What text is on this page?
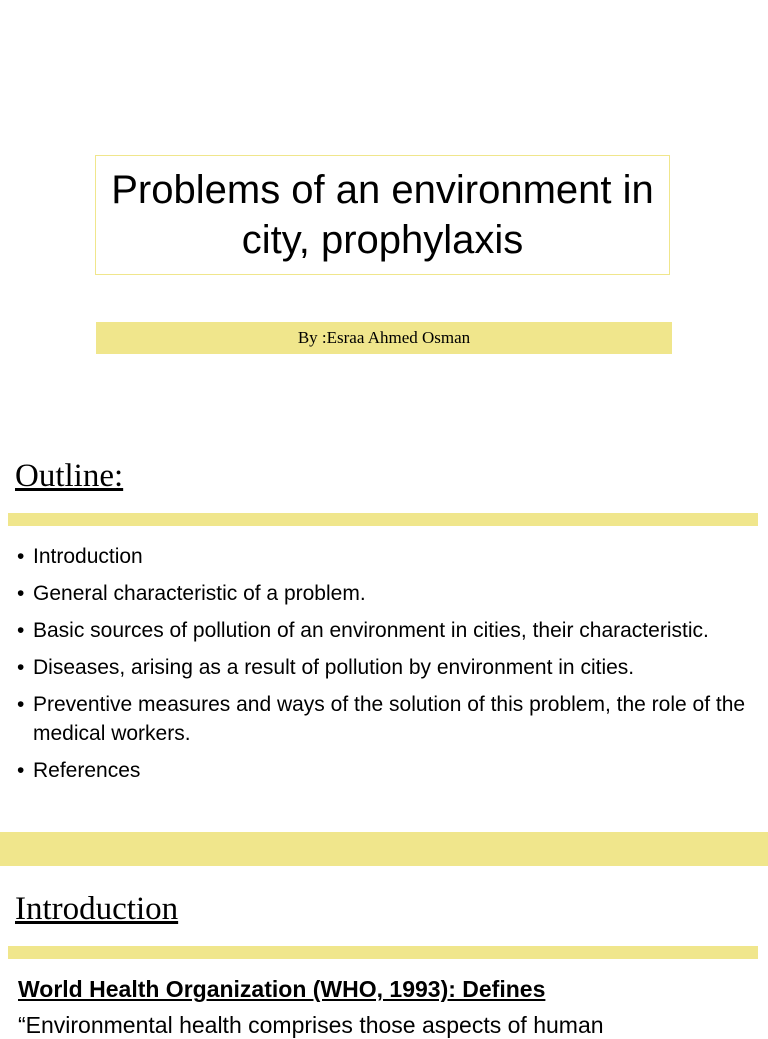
Problems of an environment in city, prophylaxis
By :Esraa Ahmed Osman
Outline:
• Introduction
• General characteristic of a problem.
• Basic sources of pollution of an environment in cities, their characteristic.
• Diseases, arising as a result of pollution by environment in cities.
• Preventive measures and ways of the solution of this problem, the role of the medical workers.
• References
Introduction
World Health Organization (WHO, 1993): Defines

“Environmental health comprises those aspects of human
